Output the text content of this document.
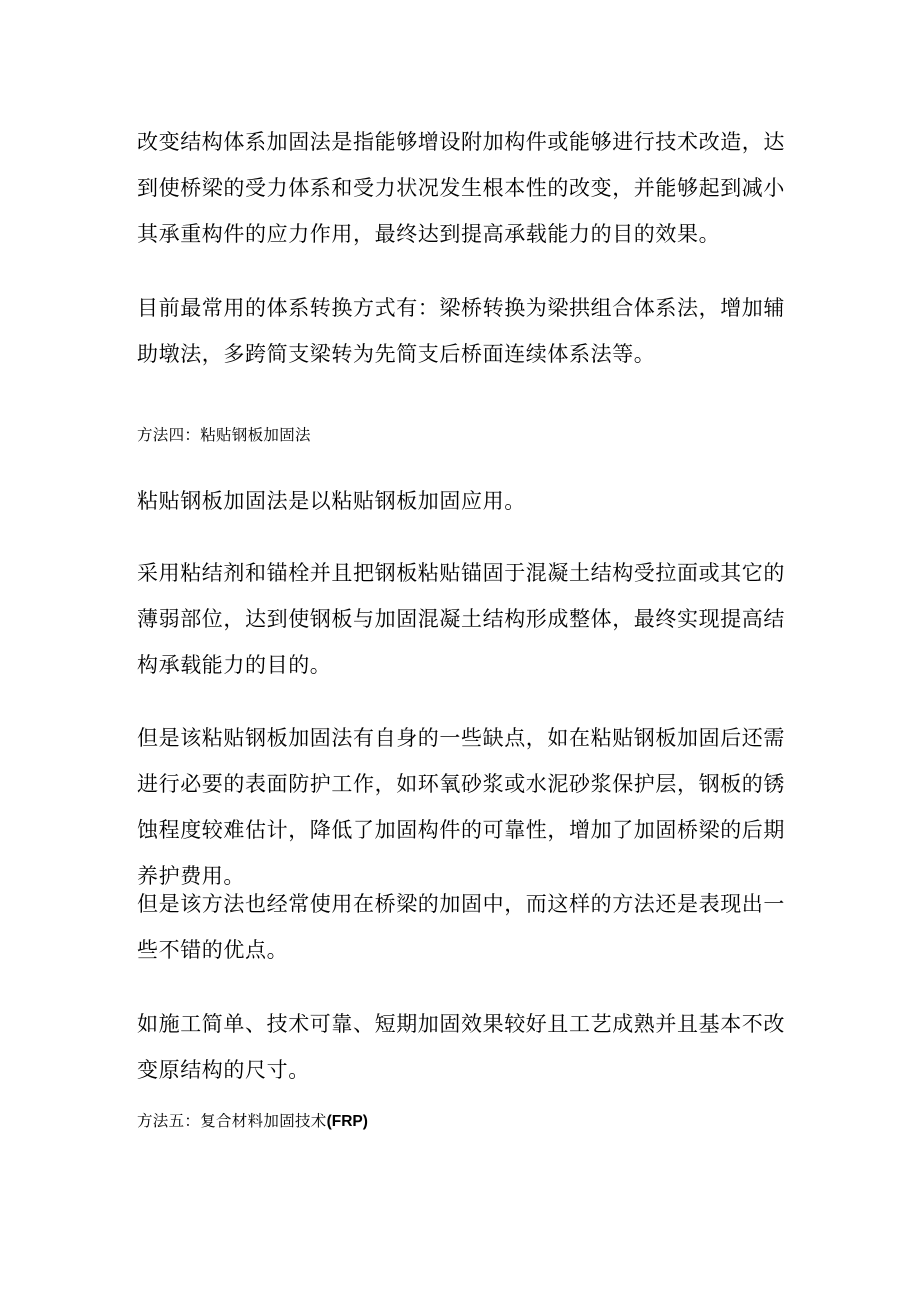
改变结构体系加固法是指能够增设附加构件或能够进行技术改造，达到使桥梁的受力体系和受力状况发生根本性的改变，并能够起到减小其承重构件的应力作用，最终达到提高承载能力的目的效果。

目前最常用的体系转换方式有：梁桥转换为梁拱组合体系法，增加辅助墩法，多跨简支梁转为先简支后桥面连续体系法等。

方法四：粘贴钢板加固法

粘贴钢板加固法是以粘贴钢板加固应用。

采用粘结剂和锚栓并且把钢板粘贴锚固于混凝土结构受拉面或其它的薄弱部位，达到使钢板与加固混凝土结构形成整体，最终实现提高结构承载能力的目的。

但是该粘贴钢板加固法有自身的一些缺点，如在粘贴钢板加固后还需进行必要的表面防护工作，如环氧砂浆或水泥砂浆保护层，钢板的锈蚀程度较难估计，降低了加固构件的可靠性，增加了加固桥梁的后期养护费用。

但是该方法也经常使用在桥梁的加固中，而这样的方法还是表现出一些不错的优点。

如施工简单、技术可靠、短期加固效果较好且工艺成熟并且基本不改变原结构的尺寸。

方法五：复合材料加固技术(FRP)
